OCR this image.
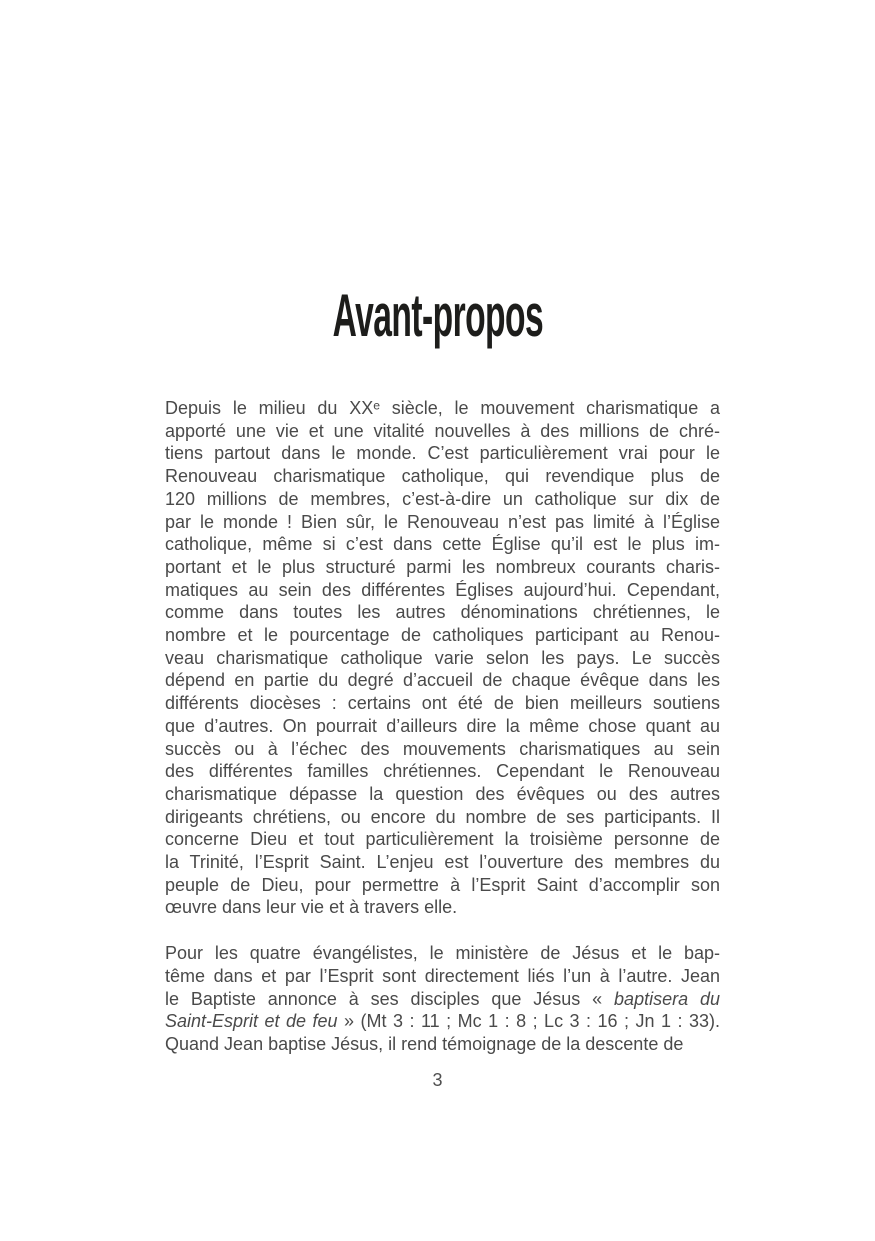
Avant-propos
Depuis le milieu du XXᵉ siècle, le mouvement charismatique a
apporté une vie et une vitalité nouvelles à des millions de chré-
tiens partout dans le monde. C’est particulièrement vrai pour le
Renouveau charismatique catholique, qui revendique plus de
120 millions de membres, c’est-à-dire un catholique sur dix de
par le monde ! Bien sûr, le Renouveau n’est pas limité à l’Église
catholique, même si c’est dans cette Église qu’il est le plus im-
portant et le plus structuré parmi les nombreux courants charis-
matiques au sein des différentes Églises aujourd’hui. Cependant,
comme dans toutes les autres dénominations chrétiennes, le
nombre et le pourcentage de catholiques participant au Renou-
veau charismatique catholique varie selon les pays. Le succès
dépend en partie du degré d’accueil de chaque évêque dans les
différents diocèses : certains ont été de bien meilleurs soutiens
que d’autres. On pourrait d’ailleurs dire la même chose quant au
succès ou à l’échec des mouvements charismatiques au sein
des différentes familles chrétiennes. Cependant le Renouveau
charismatique dépasse la question des évêques ou des autres
dirigeants chrétiens, ou encore du nombre de ses participants. Il
concerne Dieu et tout particulièrement la troisième personne de
la Trinité, l’Esprit Saint. L’enjeu est l’ouverture des membres du
peuple de Dieu, pour permettre à l’Esprit Saint d’accomplir son
œuvre dans leur vie et à travers elle.
Pour les quatre évangélistes, le ministère de Jésus et le bap-
tême dans et par l’Esprit sont directement liés l’un à l’autre. Jean
le Baptiste annonce à ses disciples que Jésus « baptisera du
Saint-Esprit et de feu » (Mt 3 : 11 ; Mc 1 : 8 ; Lc 3 : 16 ; Jn 1 : 33).
Quand Jean baptise Jésus, il rend témoignage de la descente de
3
